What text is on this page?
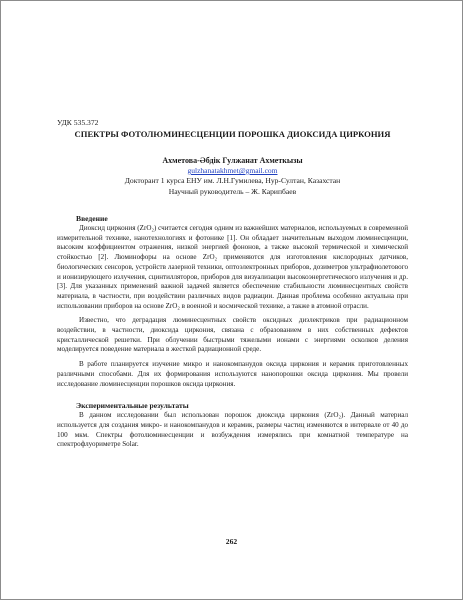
УДК 535.372

СПЕКТРЫ ФОТОЛЮМИНЕСЦЕНЦИИ ПОРОШКА ДИОКСИДА ЦИРКОНИЯ

Ахметова-Әбдік Гулжанат Ахметкызы

gulzhanatakhmet@gmail.com

Докторант 1 курса ЕНУ им. Л.Н.Гумилева, Нур-Султан, Казахстан

Научный руководитель – Ж. Карипбаев

Введение

Диоксид циркония (ZrO₂) считается сегодня одним из важнейших материалов, используемых в современной измерительной технике, нанотехнологиях и фотонике [1]. Он обладает значительным выходом люминесценции, высоким коэффициентом отражения, низкой энергией фононов, а также высокой термической и химической стойкостью [2]. Люминофоры на основе ZrO₂ применяются для изготовления кислородных датчиков, биологических сенсоров, устройств лазерной техники, оптоэлектронных приборов, дозиметров ультрафиолетового и ионизирующего излучения, сцинтилляторов, приборов для визуализации высокоэнергетического излучения и др. [3]. Для указанных применений важной задачей является обеспечение стабильности люминесцентных свойств материала, в частности, при воздействии различных видов радиации. Данная проблема особенно актуальна при использовании приборов на основе ZrO₂ в военной и космической технике, а также в атомной отрасли.

Известно, что деградация люминесцентных свойств оксидных диэлектриков при радиационном воздействии, в частности, диоксида циркония, связана с образованием в них собственных дефектов кристаллической решетки. При облучении быстрыми тяжелыми ионами с энергиями осколков деления моделируется поведение материала в жесткой радиационной среде.

В работе планируется изучение микро и нанокомпанудов оксида циркония и керамик приготовленных различными способами. Для их формирования используются нанопорошки оксида циркония. Мы провели исследование люминесценции порошков оксида циркония.

Экспериментальные результаты

В данном исследовании был использован порошок диоксида циркония (ZrO₂). Данный материал используется для создания микро- и нанокомпанудов и керамик, размеры частиц изменяются в интервале от 40 до 100 мкм. Спектры фотолюминесценции и возбуждения измерялись при комнатной температуре на спектрофлуориметре Solar.

262
